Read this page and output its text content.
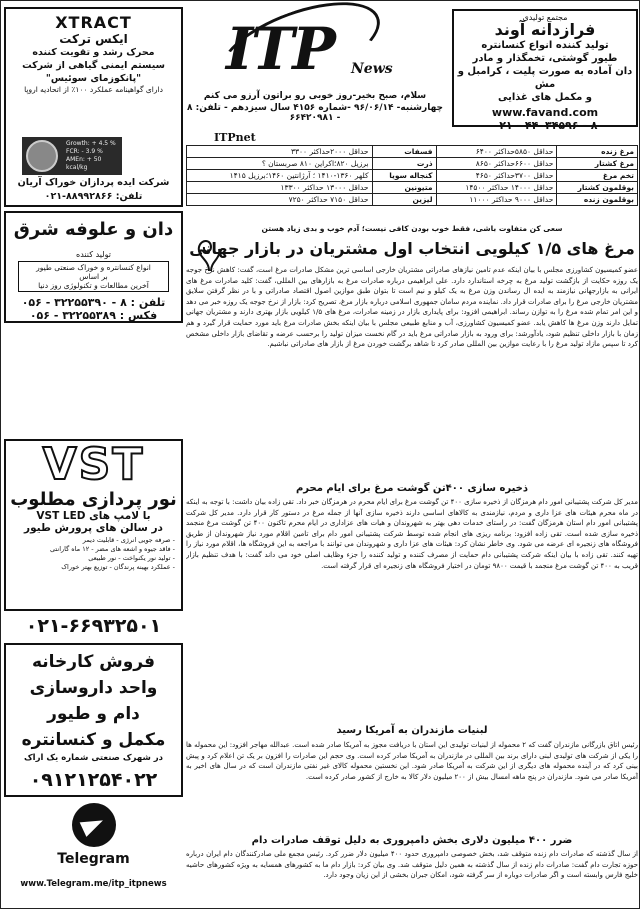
مجتمع تولیدی
فرازدانه آوند
تولید کننده انواع کنسانتره
طیور گوشتی، تخمگذار و مادر
دان آماده به صورت پلیت ، کرامبل و مش
و مکمل های غذایی
www.favand.com
۰۲۱ - ۴۴۰۳۴۵۹۶ - ۸
ITP News
سلام، صبح بخیر-روز خوبی رو براتون آرزو می کنم
چهارشنبه- ۹۶/۰۶/۱۴ -شماره ۴۱۵۶ سال سیزدهم - تلفن: ۸ - ۶۶۴۲۰۹۸۱
ITPnet
مرغ زنده	حداقل ۵۸۵۰حداکثر ۶۴۰۰	فسفات	حداقل ۲۰۰۰حداکثر ۳۳۰۰
مرغ کشتار	حداقل ۶۶۰۰حداکثر ۸۶۵۰	ذرت	برزیل ۸۲۰؛اکراین ۸۱۰ صربستان ؟
تخم مرغ	حداقل ۳۷۰۰حداکثر ۴۶۵۰	کنجاله سویا	کلهر ۱۳۶۰-۱۴۱۰ ؛ آرژانتین ۱۴۶۰؛برزیل ۱۴۱۵
بوقلمون کشتار	حداقل ۱۴۰۰۰ حداکثر ۱۴۵۰۰	متیونین	حداقل ۱۳۰۰۰ حداکثر ۱۳۳۰۰
بوقلمون زنده	حداقل ۹۰۰۰ حداکثر ۱۱۰۰۰	لیزین	حداقل ۷۱۵۰ حداکثر ۷۲۵۰
سعی کن متفاوت باشی، فقط خوب بودن کافی نیست؛ آدم خوب و بدی زیاد هستن
مرغ های ۱/۵ کیلویی انتخاب اول مشتریان در بازار جهانی
عضو کمیسیون کشاورزی مجلس با بیان اینکه عدم تامین نیازهای صادراتی مشتریان خارجی اساسی ترین مشکل صادرات مرغ است، گفت: کاهش نرخ جوجه یک روزه حکایت از بازگشت تولید مرغ به چرخه استاندارد دارد. علی ابراهیمی درباره صادرات مرغ به بازارهای بین المللی، گفت: کلید صادرات مرغ های ایرانی به بازارجهانی نیازمند به ایده ال رساندن وزن مرغ به یک کیلو و نیم است تا بتوان طبق موازین اصول اقتصاد صادراتی و با در نظر گرفتن سلایق مشتریان خارجی مرغ را برای صادرات قرار داد. نماینده مردم سامان جمهوری اسلامی درباره بازار مرغ، تصریح کرد: بازار از نرخ جوجه یک روزه خبر می دهد و این امر تمام شده مرغ را به توازن رساند. ابراهیمی افزود: برای پایداری بازار در زمینه صادرات، مرغ های ۱/۵ کیلویی بازار بهتری دارند و مشتریان جهانی تمایل دارند وزن مرغ ها کاهش یابد. عضو کمیسیون کشاورزی، آب و منابع طبیعی مجلس با بیان اینکه بخش صادرات مرغ باید مورد حمایت قرار گیرد و هم زمان با بازار داخلی تنظیم شود، یادآورشد: برای ورود به بازار صادراتی مرغ باید در گام نخست میزان تولید را برحسب عرضه و تقاضای بازار داخلی مشخص کرد تا سپس مازاد تولید مرغ را با رعایت موازین بین المللی صادر کرد تا شاهد برگشت خوردن مرغ از بازار های صادراتی نباشیم.
ذخیره سازی ۴۰۰تن گوشت مرغ برای ایام محرم
مدیر کل شرکت پشتیبانی امور دام هرمزگان از ذخیره سازی ۴۰۰ تن گوشت مرغ برای ایام محرم در هرمزگان خبر داد. تقی زاده بیان داشت: با توجه به اینکه در ماه محرم هیئات های عزا داری و مردم، نیازمندی به کالاهای اساسی دارند ذخیره سازی آنها از جمله مرغ در دستور کار قرار دارد. مدیر کل شرکت پشتیبانی امور دام استان هرمزگان گفت: در راستای خدمات دهی بهتر به شهروندان و هیات های عزاداری در ایام محرم تاکنون ۴۰۰ تن گوشت مرغ منجمد ذخیره سازی شده است. تقی زاده افزود: برنامه ریزی های انجام شده توسط شرکت پشتیبانی امور دام برای تامین اقلام مورد نیاز شهروندان از طریق فروشگاه های زنجیره ای عرضه می شود. وی خاطر نشان کرد: هیئات های عزا داری و شهروندان می توانند با مراجعه به این فروشگاه ها، اقلام مورد نیاز را تهیه کنند. تقی زاده با بیان اینکه شرکت پشتیبانی دام حمایت از مصرف کننده و تولید کننده را جزء وظایف اصلی خود می داند گفت: با هدف تنظیم بازار قریب به ۴۰۰ تن گوشت مرغ منجمد با قیمت ۹۸۰۰ تومان در اختیار فروشگاه های زنجیره ای قرار گرفته است.
لبنیات مازندران به آمریکا رسید
رئیس اتاق بازرگانی مازندران گفت که ۲ محموله از لبنیات تولیدی این استان با دریافت مجوز به آمریکا صادر شده است. عبدالله مهاجر افزود: این محموله ها را یکی از شرکت های تولیدی لبنی دارای برند بین المللی در مازندران به آمریکا صادر کرده است. وی حجم این صادرات را افزون بر یک تن اعلام کرد و پیش بینی کرد که در آینده محموله های دیگری از این شرکت به آمریکا صادر شود. این نخستین محموله کالای غیر نفتی مازندران است که در سال های اخیر به آمریکا صادر می شود. مازندران در پنج ماهه امسال بیش از ۲۰۰ میلیون دلار کالا به خارج از کشور صادر کرده است.
ضرر ۴۰۰ میلیون دلاری بخش دامپروری به دلیل توقف صادرات دام
از سال گذشته که صادرات دام زنده متوقف شد، بخش خصوصی دامپروری حدود ۴۰۰ میلیون دلار ضرر کرد. رئیس مجمع ملی صادرکنندگان دام ایران درباره حوزه تجارت دام گفت: صادرات دام زنده از سال گذشته به همین دلیل متوقف شد. وی بیان کرد: بازار دام ما به کشورهای همسایه به ویژه کشورهای حاشیه خلیج فارس وابسته است و اگر صادرات دوباره از سر گرفته شود، امکان جبران بخشی از این زیان وجود دارد.
XTRACT
ایکس ترکت
محرک رشد و تقویت کننده
سیستم ایمنی گیاهی از شرکت
"پانکوزمای سوئیس"
دارای گواهینامه عملکرد ۱۰۰٪ از اتحادیه اروپا
Growth: + 4.5 %
FCR: - 3.9 %
AMEn: + 50 kcal/kg
شرکت ایده پردازان خوراک آریان
تلفن: ۸۸۹۹۲۸۶۶-۰۲۱
دان و علوفه شرق
تولید کننده
انواع کنسانتره و خوراک صنعتی طیور
بر اساس
آخرین مطالعات و تکنولوژی روز دنیا
تلفن : ۸ - ۳۲۲۵۵۳۹۰ - ۰۵۶
فکس : ۳۲۲۵۵۳۸۹ - ۰۵۶
VST
نور پردازی مطلوب
با لامپ های VST LED
در سالن های پرورش طیور
- صرفه جویی انرژی - قابلیت دیمر
- فاقد جیوه و اشعه های مضر - ۱۲ ماه گارانتی
- تولید نور یکنواخت - نور طبیعی
- عملکرد بهینه پرندگان - توزیع بهتر خوراک
۰۲۱-۶۶۹۳۲۵۰۱
فروش کارخانه
واحد داروسازی
دام و طیور
مکمل و کنسانتره
در شهرک صنعتی شماره یک اراک
۰۹۱۲۱۲۵۴۰۲۲
Telegram
www.Telegram.me/itp_itpnews
